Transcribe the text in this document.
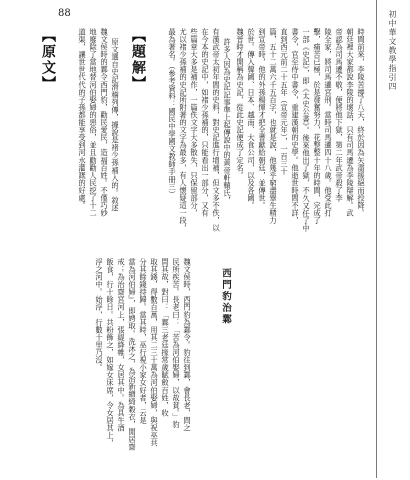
初中華文教學指引四
88
時間前來，李陵苦撐了八天，終於因為矢盡援絕而投降。
朝廷裡大家都說李陵的壞話，只有司馬遷為李陵辯解。武
帝認為司馬遷不敬，便將他下獄，第二年武帝殺了李
陵全家，將司馬遷宮刑。當時司馬遷四十八歲。他受此打
擊，痛苦已極，於是發奮努力，花整整十年的時間，完成了
一部《史記》，即《太史公書》。後來他出了獄，不久又任了中
書令，官至侍中書令，重建漢朝的史學。他逝世時間不詳，
直到西元前二十五年（宣帝元年），一百三十
篇，五十二萬六千五百字，也就是說，他幾乎窮盡畢生精力
到宣帝時，他的外孫楊惲才把全書獻給朝廷，並傳世。
於世。傳入韓國、日本、越南、大食公司，以及各國。
魏晉時才開稱為史記，從此史記便成了定名。
許多人因為史記記事準上起傳說中的黃帝軒轅氏，
有漢武帝太初年間的史料，對史記進行增補，但文多不佚，以
在今本的史記中，如褚少孫補的，只能看出一部分，又有
些篇章大多是補作，一篇佚文字大多散失，只保留部分，
尤以褚少孫補的史記所附著的文字為最多，有人懷疑這一段，
最為著名。（參考資料：國民中學國文教師手冊三）
【題解】
原文選自史記滑稽列傳，據說是褚少孫補入的。敘述
魏文侯時的鄴令西門豹，勸民愛民，造福百姓。不僅巧妙
地廢除了當地替河伯娶婦的惡俗，並且勸勸人民挖了十二
道渠，讓世世代代的子孫都能享受到河水灌溉的好處。
【原文】
西門豹治鄴
魏文侯時，西門豹為鄴令。豹往到鄴，會長老，問之
民所疾苦。長老曰：「苦為河伯娶婦，以故貧。」豹
問其故，對曰：「鄴三老廷掾常歲賦斂百姓，收
取其錢，得數百萬，用其二三十萬為河伯娶婦，與祝巫共
分其餘錢持歸。當其時，巫行視小家女好者，云是
當為河伯婦』，即娉取。洗沐之，為治新繒綺穀衣，閒居齋
戒；為治齋宮河上，張緹絳帷，女居其中。為具牛酒
飯食，行十餘日。共粉飾之，如嫁女床席，令女居其上，
浮之河中。始浮，行數十里乃沒。
